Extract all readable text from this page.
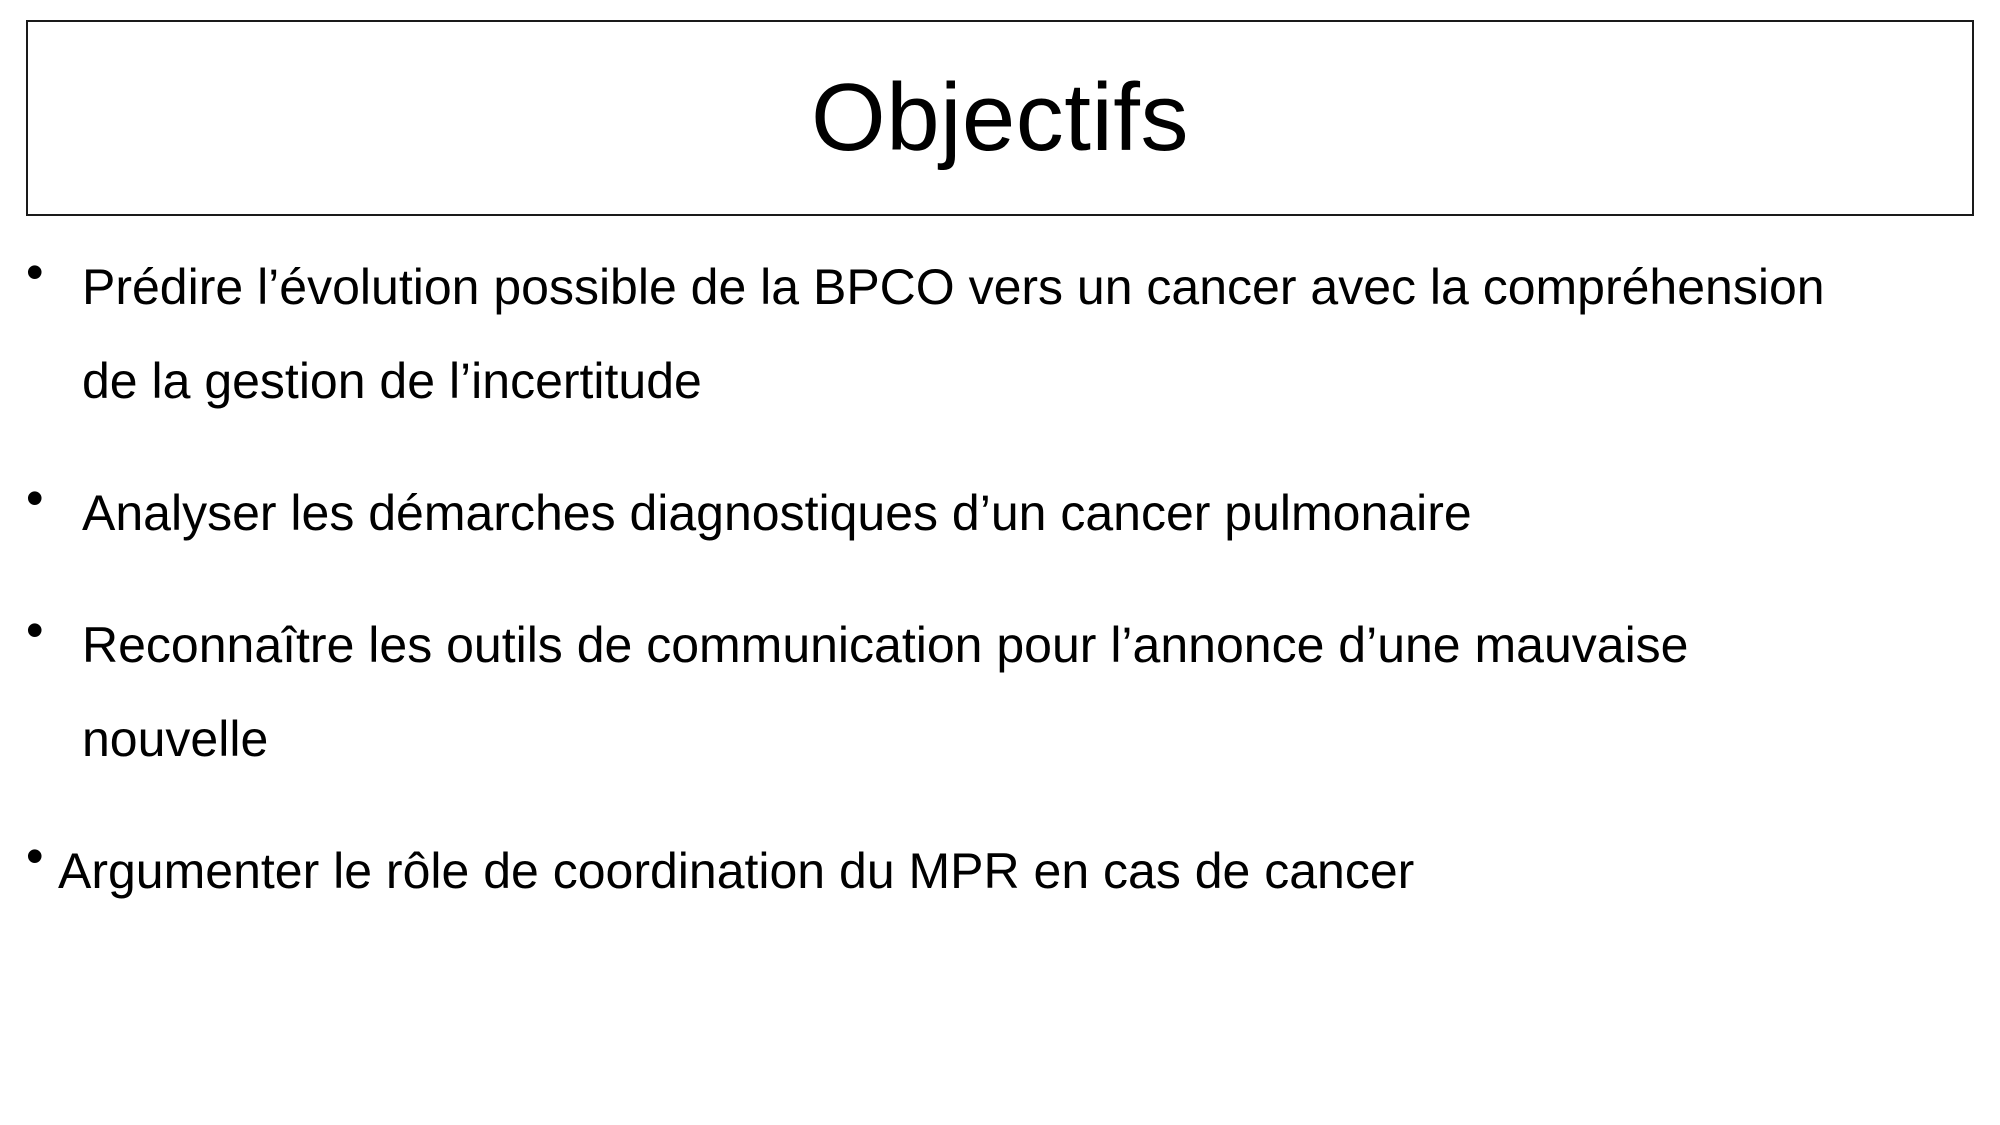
Objectifs
• Prédire l’évolution possible de la BPCO vers un cancer avec la compréhension de la gestion de l’incertitude
• Analyser les démarches diagnostiques d’un cancer pulmonaire
• Reconnaître les outils de communication pour l’annonce d’une mauvaise nouvelle
• Argumenter le rôle de coordination du MPR en cas de cancer
